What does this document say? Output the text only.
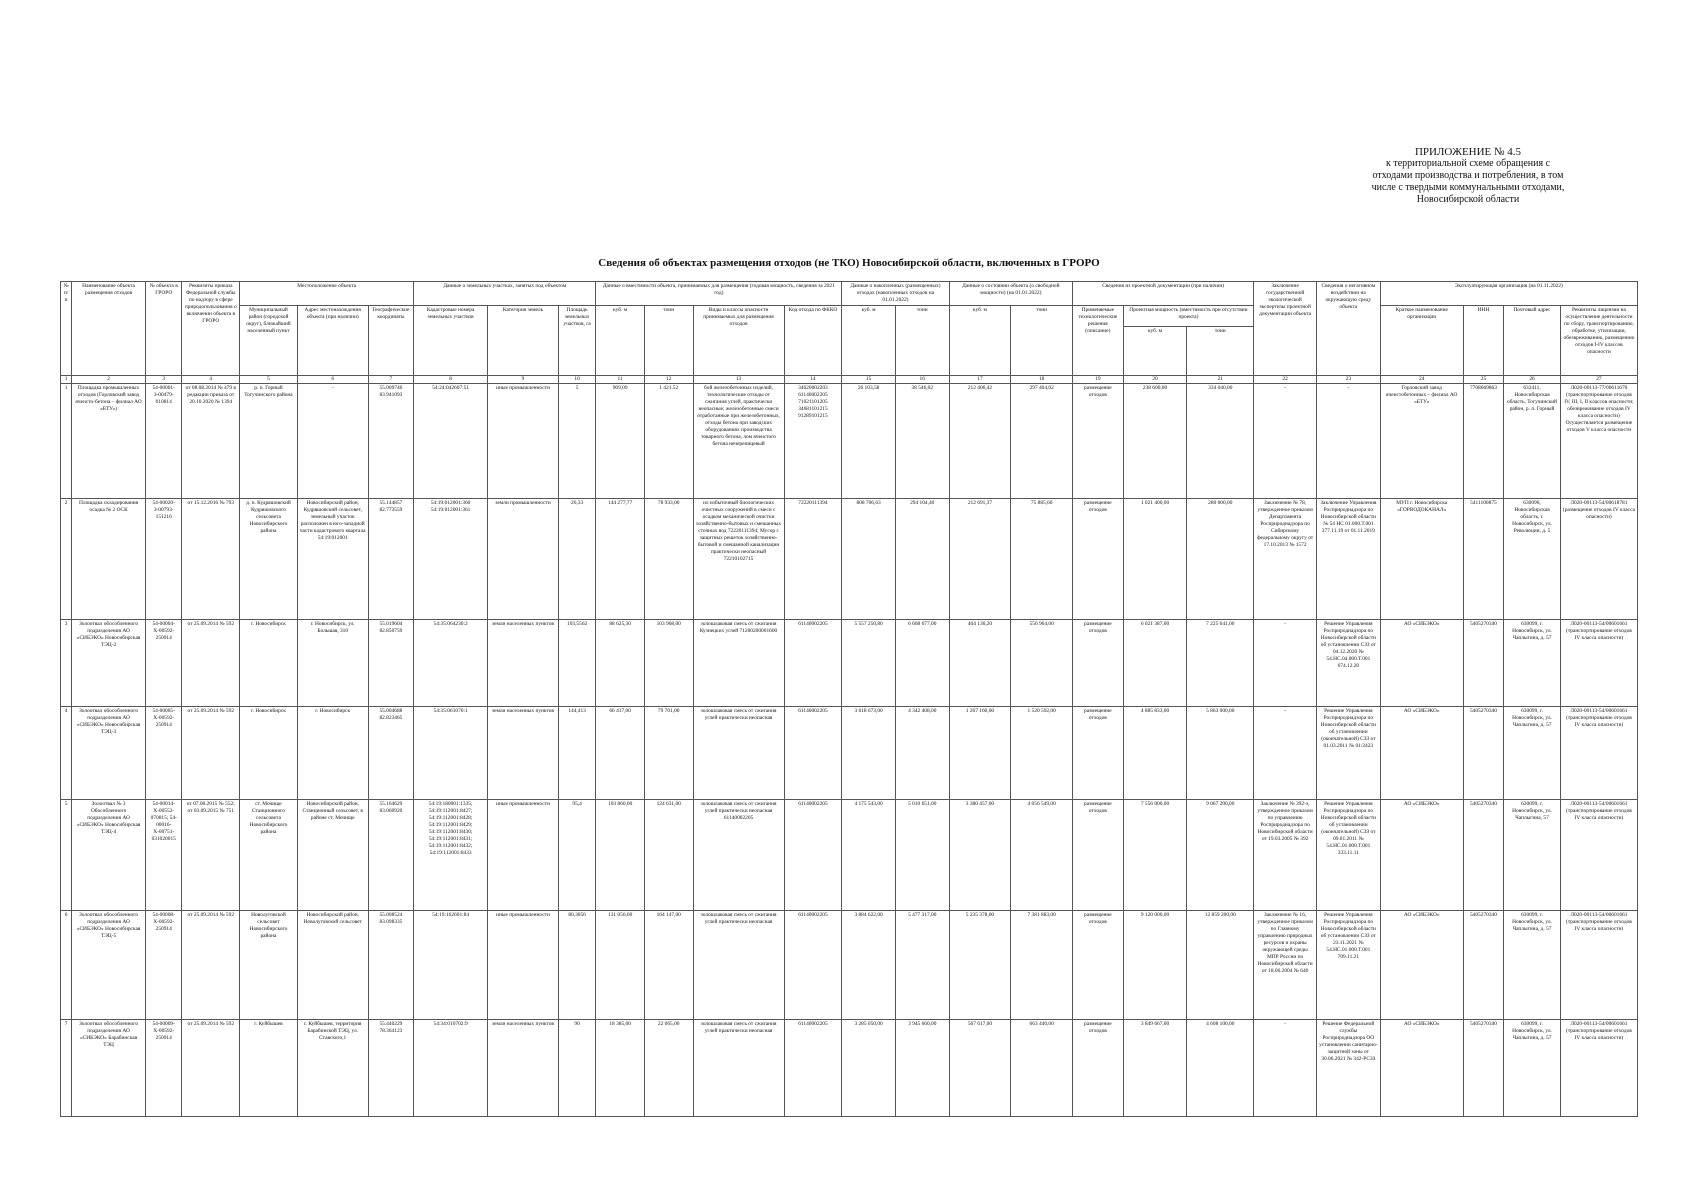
ПРИЛОЖЕНИЕ № 4.5
к территориальной схеме обращения с
отходами производства и потребления, в том
числе с твердыми коммунальными отходами,
Новосибирской области
Сведения об объектах размещения отходов (не ТКО) Новосибирской области, включенных в ГРОРО
№ п/п	Наименование объекта размещения отходов	№ объекта в ГРОРО	Реквизиты приказа Федеральной службы по надзору в сфере природопользования о включении объекта в ГРОРО	Местоположение объекта			Данные о земельных участках, занятых под объектом			Данные о вместимости объекта, принимаемых для размещения (годовая мощность, сведения за 2021 год)				Данные о накопленных (размещенных) отходах (накопленных отходов на 01.01.2022)		Данные о состоянии объекта (о свободной мощности) (на 01.01.2022)		Сведения из проектной документации (при наличии)			Заключение государственной экологической экспертизы проектной документации объекта	Сведения о негативном воздействии на окружающую среду объекта	Эксплуатирующая организация (на 01.11.2022)			
				Муниципальный район (городской округ), ближайший населенный пункт	Адрес местонахождения объекта (при наличии)	Географические координаты	Кадастровые номера земельных участков	Категория земель	Площадь земельных участков, га	куб. м	тонн	Виды и классы опасности принимаемых для размещения отходов	Код отхода по ФККО	куб. м	тонн	куб. м	тонн	Применяемые технологические решения (описание)	Проектная мощность (вместимость при отсутствии проекта)				Краткое наименование организации	ИНН	Почтовый адрес	Реквизиты лицензии на осуществление деятельности по сбору, транспортированию, обработке, утилизации, обезвреживанию, размещению отходов I-IV классов опасности
																			куб. м	тонн						
1	2	3	4	5	6	7	8	9	10	11	12	13	14	15	16	17	18	19	20	21	22	23	24	25	26	27
1	Площадка промышленных отходов (Горловский завод ячеисто-бетона – филиал АО «БТУ»)	54-00001-З-00479-010814	от 08.08.2014 № 479 в редакции приказа от 20.10.2020 № 1394	р. п. Горный Тогучинского района	-	55.009746 83.941093	54:24:042607:51	иные промышленности	5	909,09	1 421,52	бой железобетонных изделий, технологические отходы от сжигания углей, практически неопасные; железобетонные смеси отработанные при железобетонных, отходы бетона при заводских оборудованиях производства товарного бетона, лом ячеистого бетона нечерепицевый	34620002203 61140002205 71021101205 34681101215 91289101215	26 103,58	38 546,02	212 406,42	297 404,02	размещение отходов	238 600,00	334 040,00	-	-	Горловский завод ячеистобетонных – филиал АО «БТУ»	7708669863	633411, Новосибирская область, Тогучинский район, р. п. Горный	Л020-00113-77/00611670 (транспортирование отходов IV, III, I, II классов опасности; обезвреживание отходов IV класса опасности) Осуществляется размещение отходов V класса опасности
2	Площадка складирования осадка № 2 ОСК	54-00020-З-00793-151216	от 15.12.2016 № 793	д. п. Кудряшовский Кудряшовского сельсовета Новосибирского района	Новосибирский район, Кудряшовский сельсовет, земельный участок расположен в юго-западной части кадастрового квартала 54:19:012001	55.144857 82.773559	54:19:012001:360 54:19:012001:361	земли промышленности	26,33	144 277,77	78 933,00	ил избыточный биологических очистных сооружений в смеси с осадком механической очистки хозяйственно-бытовых и смешанных сточных вод 72220111394; Мусор с защитных решеток хозяйственно-бытовой и смешанной канализации практически неопасный 72210102715	72220111394	808 706,63	294 104,40	212 691,37	75 885,60	размещение отходов	1 021 400,00	280 000,00	Заключение № 78, утвержденное приказом Департамента Росприроднадзора по Сибирскому федеральному округу от 17.10.2013 № 1572	Заключение Управления Росприроднадзора по Новосибирской области № 54 НС 01.000.Т.001 377.11.19 от 01.11.2019	МУП г. Новосибирска «ГОРВОДОКАНАЛ»	5411100875	630096, Новосибирская область, г. Новосибирск, ул. Революции, д. 5	Л020-00113-54/00618781 (размещение отходов IV класса опасности)
3	Золоотвал обособленного подразделения АО «СИБЭКО» Новосибирская ТЭЦ-2	54-00004-Х-00592-250914	от 25.09.2014 № 592	г. Новосибирск	г. Новосибирск, ул. Большая, 310	55.019604 82.850759	54:35:064230:2	земли населенных пунктов	103,5562	88 625,30	103 968,00	золошлаковая смесь от сжигания Кузнецких углей 71200200001600	61140002205	5 557 250,80	6 668 677,00	464 136,20	556 964,00	размещение отходов	6 021 387,00	7 225 641,00	-	Решение Управления Росприроднадзора по Новосибирской области об установлении СЗЗ от 04.12.2020 № 54.НС.04.000.Т.001 674.12.20	АО «СИБЭКО»	5405270340	630099, г. Новосибирск, ул. Чаплыгина, д. 57	Л020-00113-54/00601661 (транспортирование отходов IV класса опасности)
4	Золоотвал обособленного подразделения АО «СИБЭКО» Новосибирская ТЭЦ-3	54-00005-Х-00592-250914	от 25.09.2014 № 592	г. Новосибирск	г. Новосибирск	55.004688 82.823465	54:35:061070:1	земли населенных пунктов	144,413	66 417,00	79 701,00	золошлаковая смесь от сжигания углей практически неопасная	61140002205	3 618 673,00	4 342 408,00	1 267 160,00	1 520 592,00	размещение отходов	4 885 833,00	5 863 000,00	-	Решение Управления Росприроднадзора по Новосибирской области об установлении (окончательной) СЗЗ от 01.03.2011 № 01/2423	АО «СИБЭКО»	5405270340	630099, г. Новосибирск, ул. Чаплыгина, д. 57	Л020-00113-54/00601661 (транспортирование отходов IV класса опасности)
5	Золоотвал № 3 Обособленного подразделения АО «СИБЭКО» Новосибирская ТЭЦ-4	54-00014-Х-00552-070815; 54-00016-Х-00751-031020015	от 07.08.2015 № 552; от 03.09.2015 № 751	ст. Мочище Станционного сельсовета Новосибирского района	Новосибирский район, Станционный сельсовет, в районе ст. Мочище	55.164629 83.060920	54:19:180001:1335; 54:19:112001:8427; 54:19:112001:8428; 54:19:112001:8429; 54:19:112001:8430; 54:19:112001:8431; 54:19:112001:8432; 54:19:112001:8433	иные промышленности	95,4	103 860,00	124 631,00	золошлаковая смесь от сжигания углей практически неопасная 61140002205	61140002205	4 175 543,00	5 010 651,00	3 380 457,00	4 056 549,00	размещение отходов	7 556 000,00	9 067 200,00	Заключение № 392-э, утвержденное приказом по управлению Росприроднадзора по Новосибирской области от 19.03.2005 № 392	Решение Управления Росприроднадзора по Новосибирской области об установлении (окончательной) СЗЗ от 09.01.2011 № 54.НС.01.000.Т.001 333.11.11	АО «СИБЭКО»	5405270340	630099, г. Новосибирск, ул. Чаплыгина, 57	Л020-00113-54/00601661 (транспортирование отходов IV класса опасности)
6	Золоотвал обособленного подразделения АО «СИБЭКО» Новосибирская ТЭЦ-5	54-00008-Х-00592-250914	от 25.09.2014 № 592	Новолуговской сельсовет Новосибирского района	Новосибирский район, Новолуговской сельсовет	55.008524 83.098335	54:19:162601:84	иные промышленности	80,3056	131 056,00	164 147,00	золошлаковая смесь от сжигания углей практически неопасная	61140002205	3 884 622,00	5 477 317,00	5 235 378,00	7 381 883,00	размещение отходов	9 120 000,00	12 859 200,00	Заключение № 16, утвержденное приказом по Главному управлению природных ресурсов и охраны окружающей среды МПР России по Новосибирской области от 18.06.2004 № 640	Решение Управления Росприроднадзора по Новосибирской области об установлении СЗЗ от 23.11.2021 № 54.НС.01.000.Т.001 709.11.21	АО «СИБЭКО»	5405270340	630099, г. Новосибирск, ул. Чаплыгина, д. 57	Л020-00113-54/00601661 (транспортирование отходов IV класса опасности)
7	Золоотвал обособленного подразделения АО «СИБЭКО» Барабинская ТЭЦ	54-00009-Х-00592-250914	от 25.09.2014 № 592	г. Куйбышев	г. Куйбышев, территория Барабинской ТЭЦ, ул. Ставского,1	55.440229 78.364123	54:34:010702:9	земли населенных пунктов	90	18 385,00	22 065,00	золошлаковая смесь от сжигания углей практически неопасная	61140002205	3 285 050,00	3 945 660,00	567 617,00	663 440,00	размещение отходов	3 849 667,00	4 608 100,00	-	Решение Федеральной службы Росприроднадзора ОО установлении санитарно-защитной зоны от 30.06.2021 № 342-РСЗЗ	АО «СИБЭКО»	5405270340	630099, г. Новосибирск, ул. Чаплыгина, д. 57	Л020-00113-54/00601661 (транспортирование отходов IV класса опасности)
